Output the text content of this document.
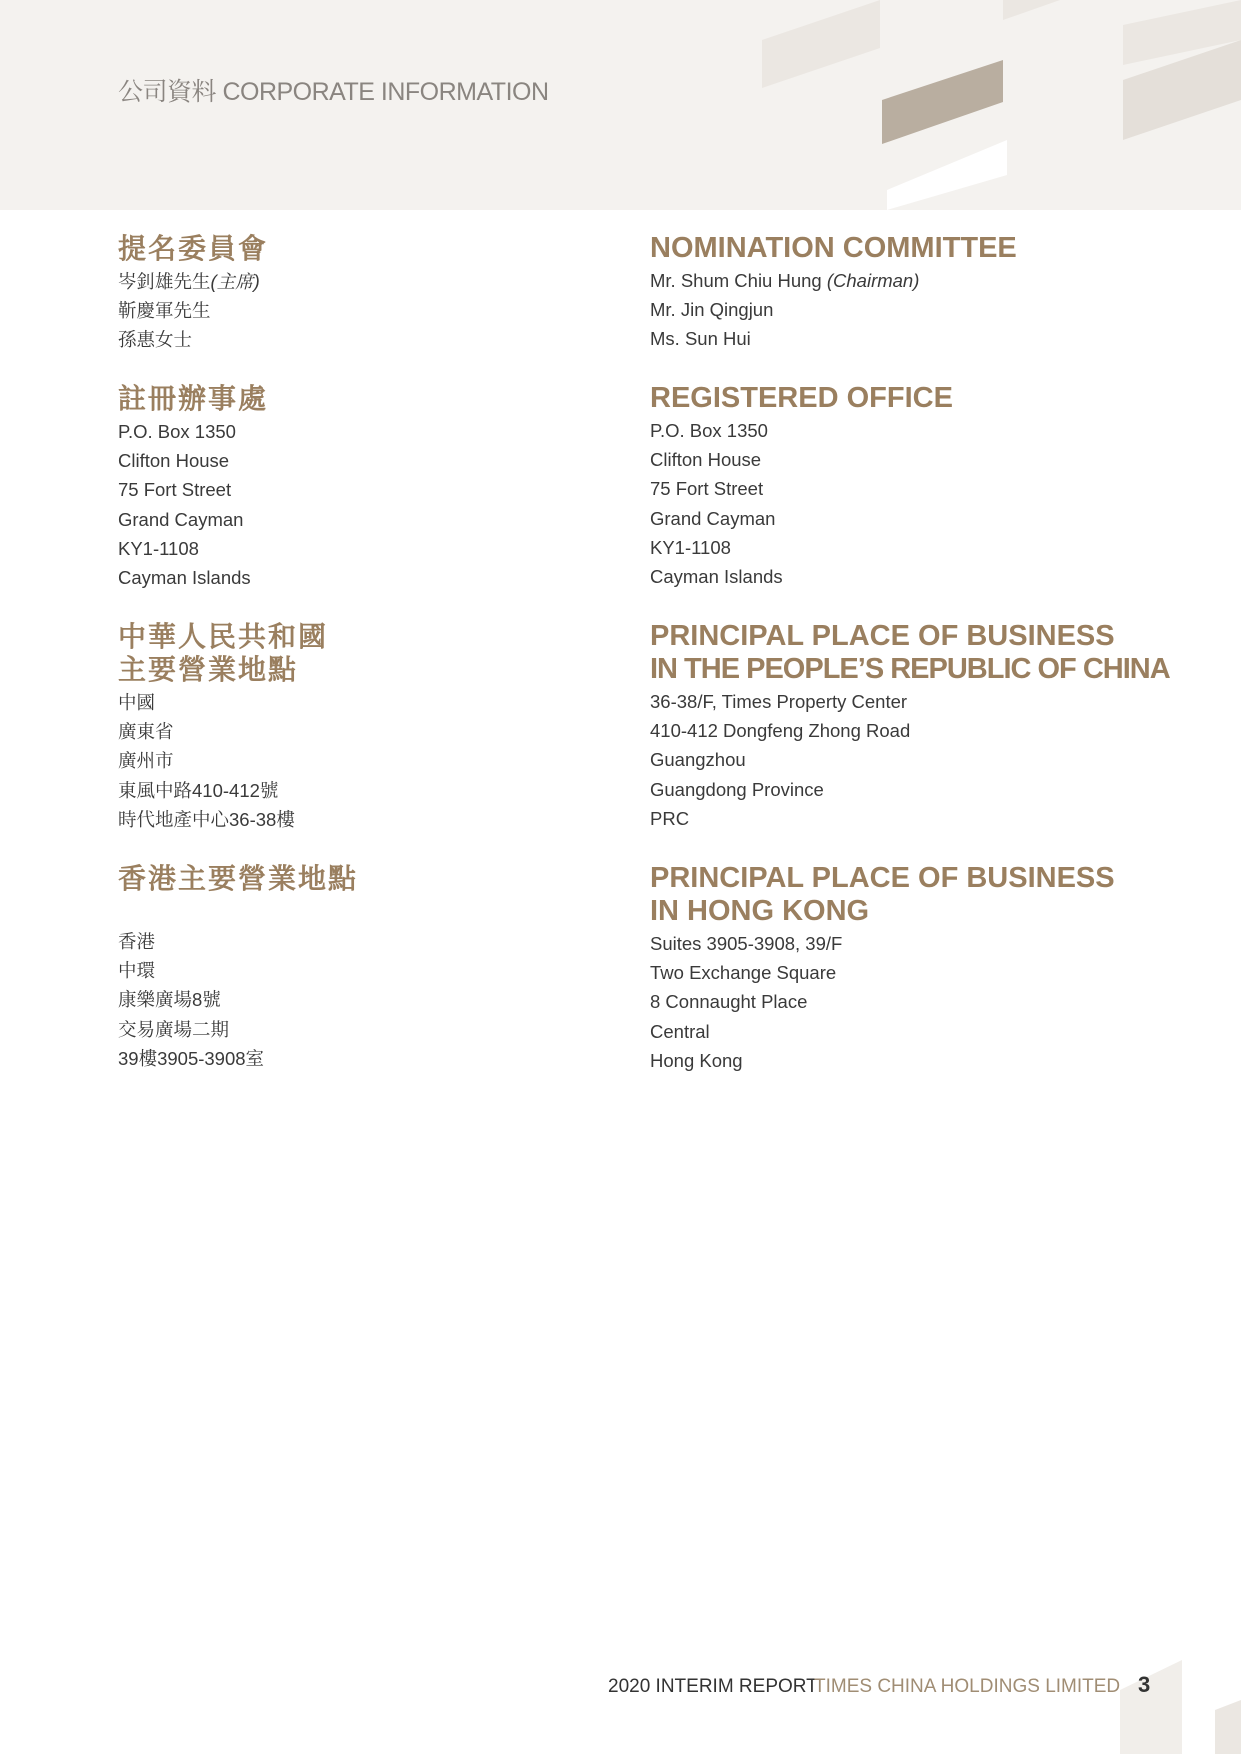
公司資料 CORPORATE INFORMATION
提名委員會
岑釗雄先生(主席)
靳慶軍先生
孫惠女士
註冊辦事處
P.O. Box 1350
Clifton House
75 Fort Street
Grand Cayman
KY1-1108
Cayman Islands
中華人民共和國
主要營業地點
中國
廣東省
廣州市
東風中路410-412號
時代地產中心36-38樓
香港主要營業地點
香港
中環
康樂廣場8號
交易廣場二期
39樓3905-3908室
NOMINATION COMMITTEE
Mr. Shum Chiu Hung (Chairman)
Mr. Jin Qingjun
Ms. Sun Hui
REGISTERED OFFICE
P.O. Box 1350
Clifton House
75 Fort Street
Grand Cayman
KY1-1108
Cayman Islands
PRINCIPAL PLACE OF BUSINESS
IN THE PEOPLE’S REPUBLIC OF CHINA
36-38/F, Times Property Center
410-412 Dongfeng Zhong Road
Guangzhou
Guangdong Province
PRC
PRINCIPAL PLACE OF BUSINESS
IN HONG KONG
Suites 3905-3908, 39/F
Two Exchange Square
8 Connaught Place
Central
Hong Kong
2020 INTERIM REPORT
TIMES CHINA HOLDINGS LIMITED 3
